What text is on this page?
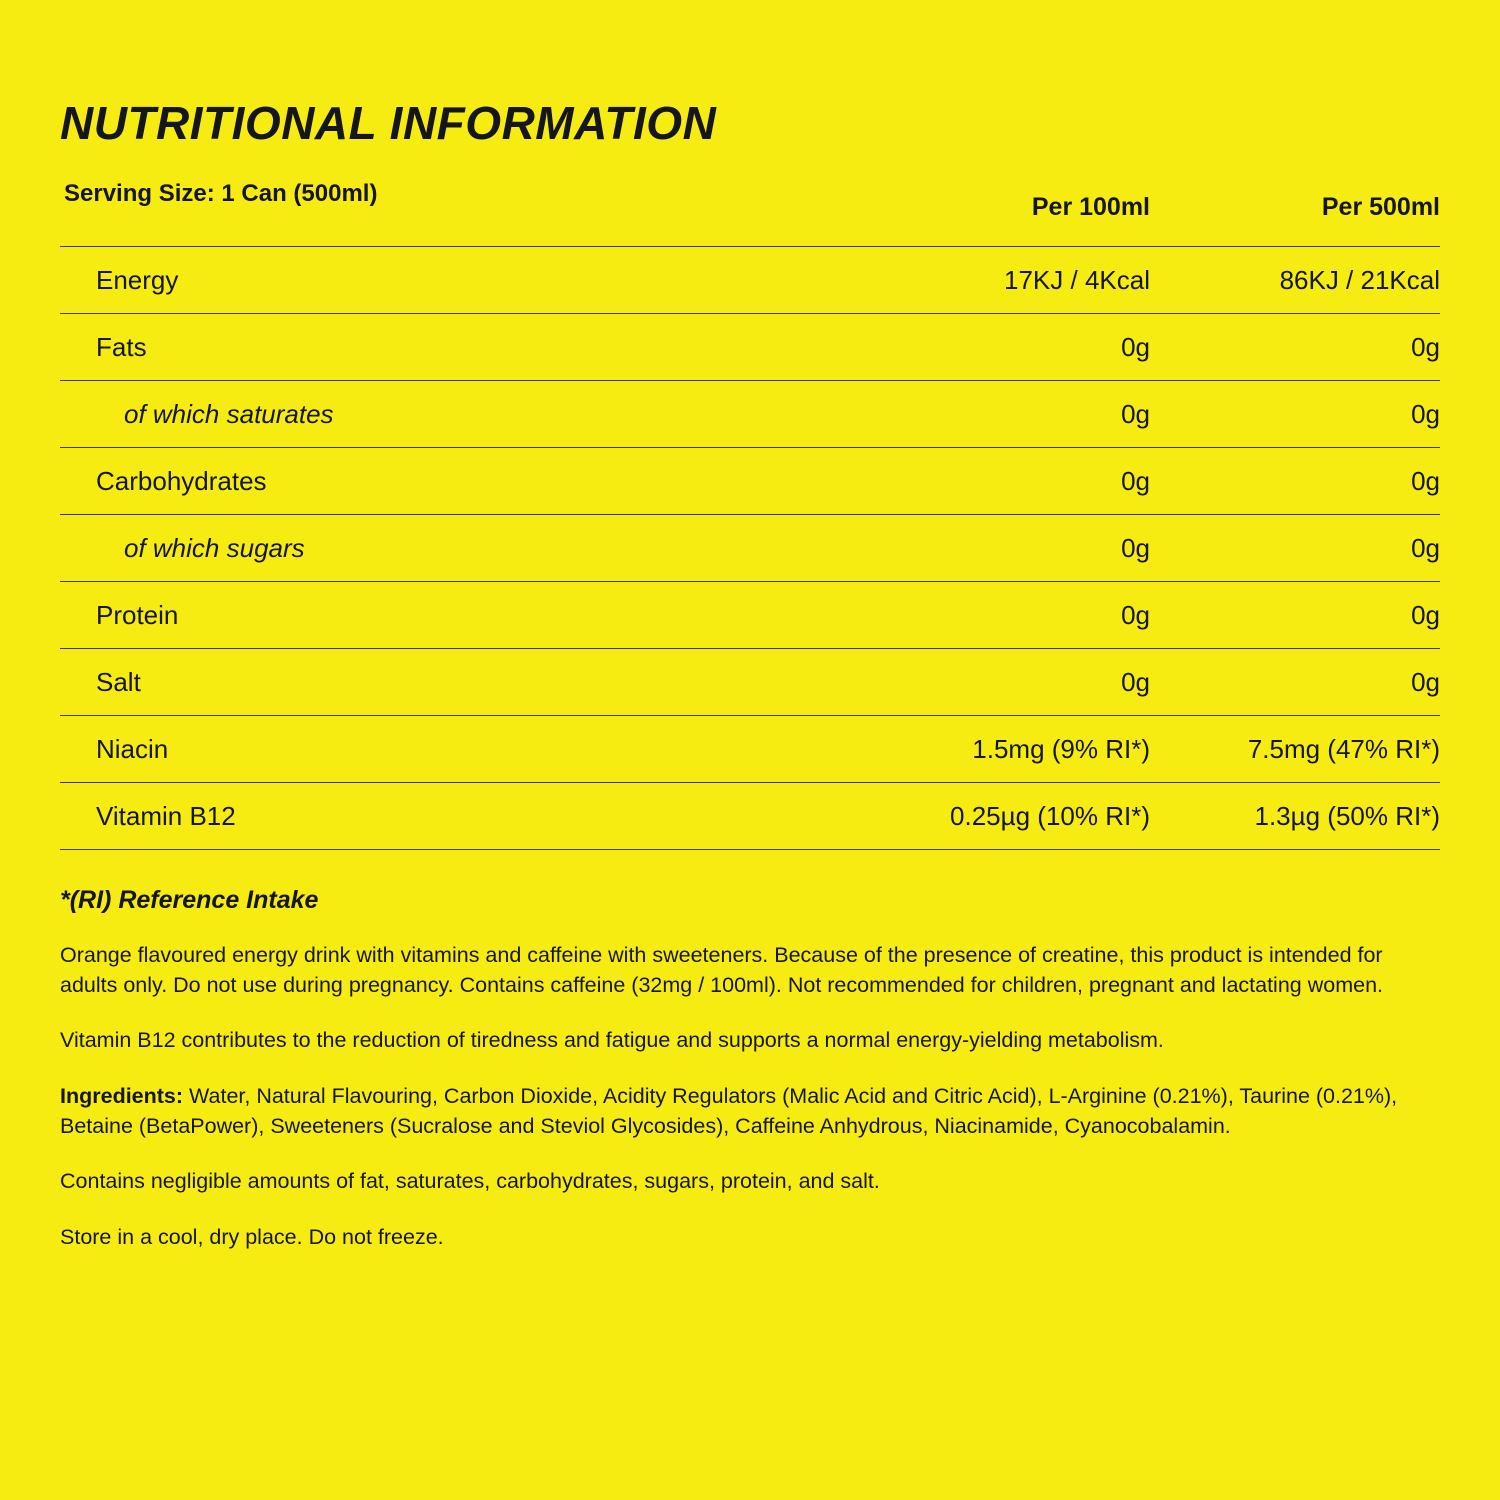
NUTRITIONAL INFORMATION
Serving Size: 1 Can (500ml)	Per 100ml	Per 500ml
Energy	17KJ / 4Kcal	86KJ / 21Kcal
Fats	0g	0g
of which saturates	0g	0g
Carbohydrates	0g	0g
of which sugars	0g	0g
Protein	0g	0g
Salt	0g	0g
Niacin	1.5mg (9% RI*)	7.5mg (47% RI*)
Vitamin B12	0.25µg (10% RI*)	1.3µg (50% RI*)
*(RI) Reference Intake

Orange flavoured energy drink with vitamins and caffeine with sweeteners. Because of the presence of creatine, this product is intended for adults only. Do not use during pregnancy. Contains caffeine (32mg / 100ml). Not recommended for children, pregnant and lactating women.

Vitamin B12 contributes to the reduction of tiredness and fatigue and supports a normal energy-yielding metabolism.

Ingredients: Water, Natural Flavouring, Carbon Dioxide, Acidity Regulators (Malic Acid and Citric Acid), L-Arginine (0.21%), Taurine (0.21%), Betaine (BetaPower), Sweeteners (Sucralose and Steviol Glycosides), Caffeine Anhydrous, Niacinamide, Cyanocobalamin.

Contains negligible amounts of fat, saturates, carbohydrates, sugars, protein, and salt.

Store in a cool, dry place. Do not freeze.
